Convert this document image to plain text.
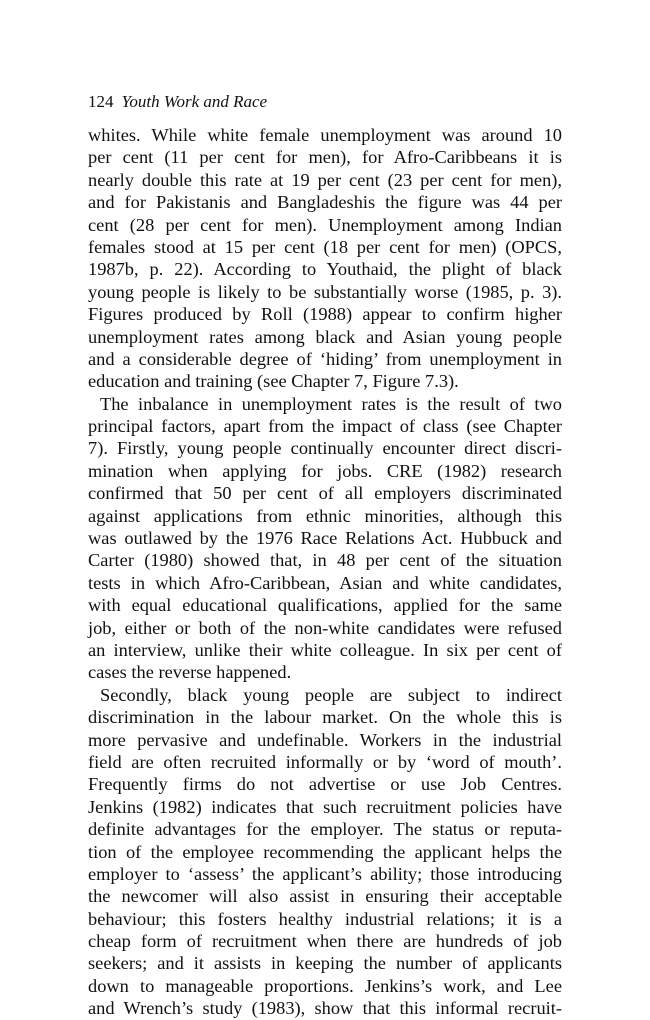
124 Youth Work and Race
whites. While white female unemployment was around 10
per cent (11 per cent for men), for Afro-Caribbeans it is
nearly double this rate at 19 per cent (23 per cent for men),
and for Pakistanis and Bangladeshis the figure was 44 per
cent (28 per cent for men). Unemployment among Indian
females stood at 15 per cent (18 per cent for men) (OPCS,
1987b, p. 22). According to Youthaid, the plight of black
young people is likely to be substantially worse (1985, p. 3).
Figures produced by Roll (1988) appear to confirm higher
unemployment rates among black and Asian young people
and a considerable degree of ‘hiding’ from unemployment in
education and training (see Chapter 7, Figure 7.3).
The inbalance in unemployment rates is the result of two
principal factors, apart from the impact of class (see Chapter
7). Firstly, young people continually encounter direct discri-
mination when applying for jobs. CRE (1982) research
confirmed that 50 per cent of all employers discriminated
against applications from ethnic minorities, although this
was outlawed by the 1976 Race Relations Act. Hubbuck and
Carter (1980) showed that, in 48 per cent of the situation
tests in which Afro-Caribbean, Asian and white candidates,
with equal educational qualifications, applied for the same
job, either or both of the non-white candidates were refused
an interview, unlike their white colleague. In six per cent of
cases the reverse happened.
Secondly, black young people are subject to indirect
discrimination in the labour market. On the whole this is
more pervasive and undefinable. Workers in the industrial
field are often recruited informally or by ‘word of mouth’.
Frequently firms do not advertise or use Job Centres.
Jenkins (1982) indicates that such recruitment policies have
definite advantages for the employer. The status or reputa-
tion of the employee recommending the applicant helps the
employer to ‘assess’ the applicant’s ability; those introducing
the newcomer will also assist in ensuring their acceptable
behaviour; this fosters healthy industrial relations; it is a
cheap form of recruitment when there are hundreds of job
seekers; and it assists in keeping the number of applicants
down to manageable proportions. Jenkins’s work, and Lee
and Wrench’s study (1983), show that this informal recruit-
